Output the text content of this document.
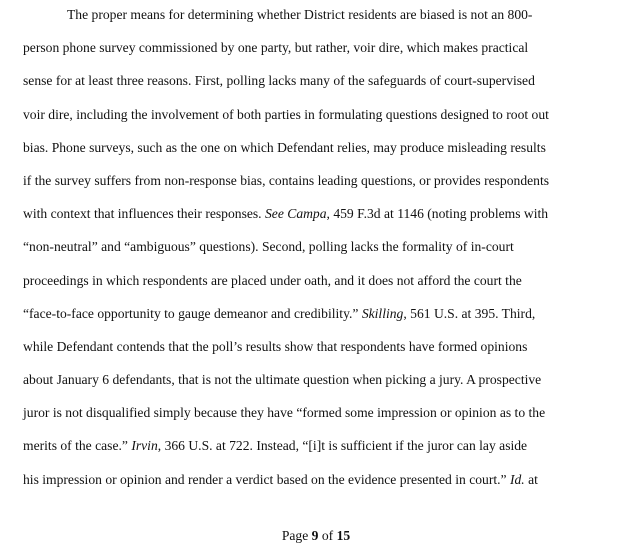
The proper means for determining whether District residents are biased is not an 800-
person phone survey commissioned by one party, but rather, voir dire, which makes practical
sense for at least three reasons. First, polling lacks many of the safeguards of court-supervised
voir dire, including the involvement of both parties in formulating questions designed to root out
bias. Phone surveys, such as the one on which Defendant relies, may produce misleading results
if the survey suffers from non-response bias, contains leading questions, or provides respondents
with context that influences their responses. See Campa, 459 F.3d at 1146 (noting problems with
“non-neutral” and “ambiguous” questions). Second, polling lacks the formality of in-court
proceedings in which respondents are placed under oath, and it does not afford the court the
“face-to-face opportunity to gauge demeanor and credibility.” Skilling, 561 U.S. at 395. Third,
while Defendant contends that the poll’s results show that respondents have formed opinions
about January 6 defendants, that is not the ultimate question when picking a jury. A prospective
juror is not disqualified simply because they have “formed some impression or opinion as to the
merits of the case.” Irvin, 366 U.S. at 722. Instead, “[i]t is sufficient if the juror can lay aside
his impression or opinion and render a verdict based on the evidence presented in court.” Id. at
Page 9 of 15
